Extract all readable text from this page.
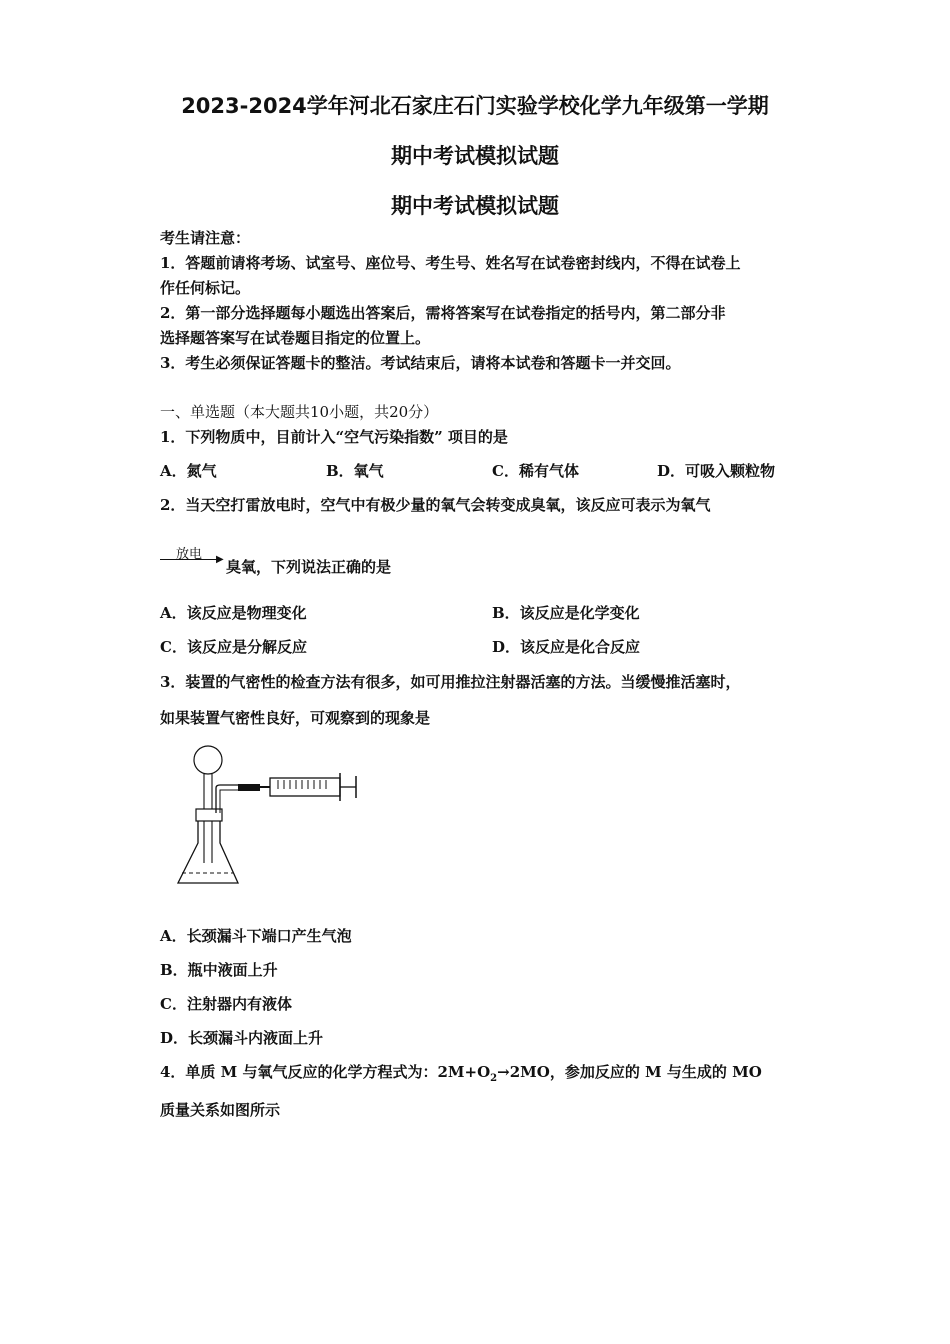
2023-2024学年河北石家庄石门实验学校化学九年级第一学期
期中考试模拟试题
期中考试模拟试题
考生请注意：
1．答题前请将考场、试室号、座位号、考生号、姓名写在试卷密封线内，不得在试卷上
作任何标记。
2．第一部分选择题每小题选出答案后，需将答案写在试卷指定的括号内，第二部分非
选择题答案写在试卷题目指定的位置上。
3．考生必须保证答题卡的整洁。考试结束后，请将本试卷和答题卡一并交回。
一、单选题（本大题共10小题，共20分）
1．下列物质中，目前计入“空气污染指数” 项目的是
A．氮气	B．氧气	C．稀有气体	D．可吸入颗粒物
2．当天空打雷放电时，空气中有极少量的氧气会转变成臭氧，该反应可表示为氧气
放电 ▶ 臭氧，下列说法正确的是
A．该反应是物理变化	B．该反应是化学变化
C．该反应是分解反应	D．该反应是化合反应
3．装置的气密性的检查方法有很多，如可用推拉注射器活塞的方法。当缓慢推活塞时，
如果装置气密性良好，可观察到的现象是
A．长颈漏斗下端口产生气泡
B．瓶中液面上升
C．注射器内有液体
D．长颈漏斗内液面上升
4．单质 M 与氧气反应的化学方程式为：$2M+O_2\to 2MO$，参加反应的 M 与生成的 MO
质量关系如图所示
